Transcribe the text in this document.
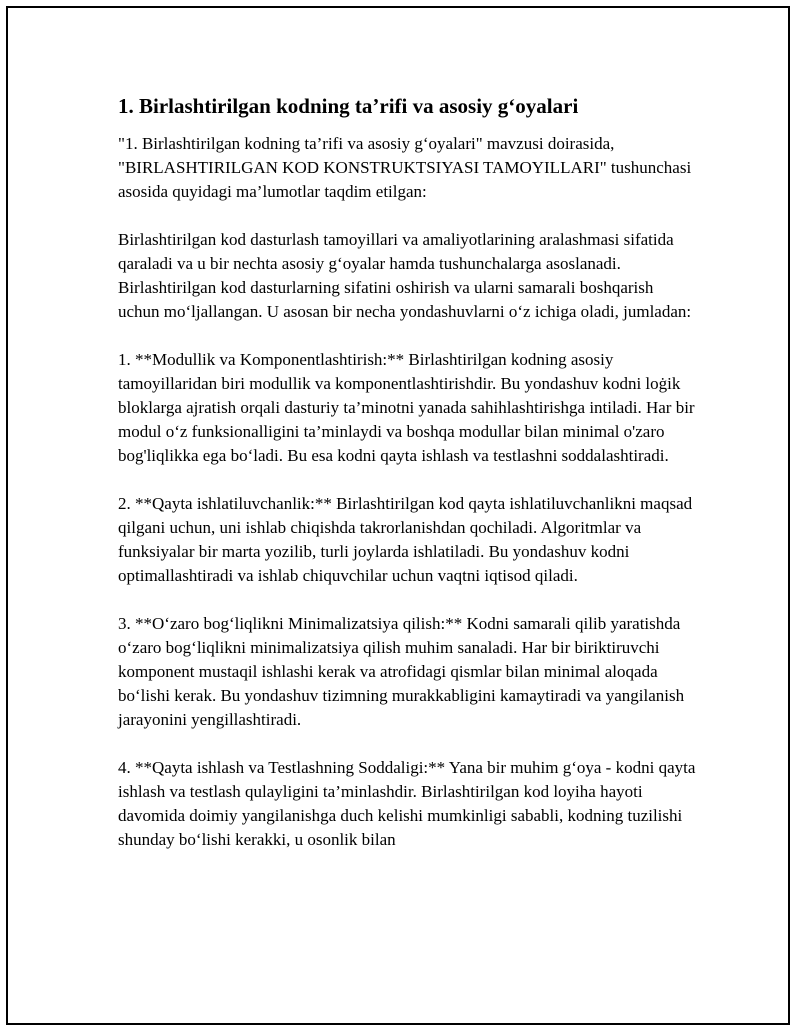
1. Birlashtirilgan kodning ta’rifi va asosiy g‘oyalari

"1. Birlashtirilgan kodning ta’rifi va asosiy g‘oyalari" mavzusi doirasida, "BIRLASHTIRILGAN KOD KONSTRUKTSIYASI TAMOYILLARI" tushunchasi asosida quyidagi ma’lumotlar taqdim etilgan:

Birlashtirilgan kod dasturlash tamoyillari va amaliyotlarining aralashmasi sifatida qaraladi va u bir nechta asosiy g‘oyalar hamda tushunchalarga asoslanadi. Birlashtirilgan kod dasturlarning sifatini oshirish va ularni samarali boshqarish uchun mo‘ljallangan. U asosan bir necha yondashuvlarni o‘z ichiga oladi, jumladan:

1. **Modullik va Komponentlashtirish:** Birlashtirilgan kodning asosiy tamoyillaridan biri modullik va komponentlashtirishdir. Bu yondashuv kodni loġik bloklarga ajratish orqali dasturiy ta’minotni yanada sahihlashtirishga intiladi. Har bir modul o‘z funksionalligini ta’minlaydi va boshqa modullar bilan minimal o'zaro bog'liqlikka ega bo‘ladi. Bu esa kodni qayta ishlash va testlashni soddalashtiradi.

2. **Qayta ishlatiluvchanlik:** Birlashtirilgan kod qayta ishlatiluvchanlikni maqsad qilgani uchun, uni ishlab chiqishda takrorlanishdan qochiladi. Algoritmlar va funksiyalar bir marta yozilib, turli joylarda ishlatiladi. Bu yondashuv kodni optimallashtiradi va ishlab chiquvchilar uchun vaqtni iqtisod qiladi.

3. **O‘zaro bog‘liqlikni Minimalizatsiya qilish:** Kodni samarali qilib yaratishda o‘zaro bog‘liqlikni minimalizatsiya qilish muhim sanaladi. Har bir biriktiruvchi komponent mustaqil ishlashi kerak va atrofidagi qismlar bilan minimal aloqada bo‘lishi kerak. Bu yondashuv tizimning murakkabligini kamaytiradi va yangilanish jarayonini yengillashtiradi.

4. **Qayta ishlash va Testlashning Soddaligi:** Yana bir muhim g‘oya - kodni qayta ishlash va testlash qulayligini ta’minlashdir. Birlashtirilgan kod loyiha hayoti davomida doimiy yangilanishga duch kelishi mumkinligi sababli, kodning tuzilishi shunday bo‘lishi kerakki, u osonlik bilan
